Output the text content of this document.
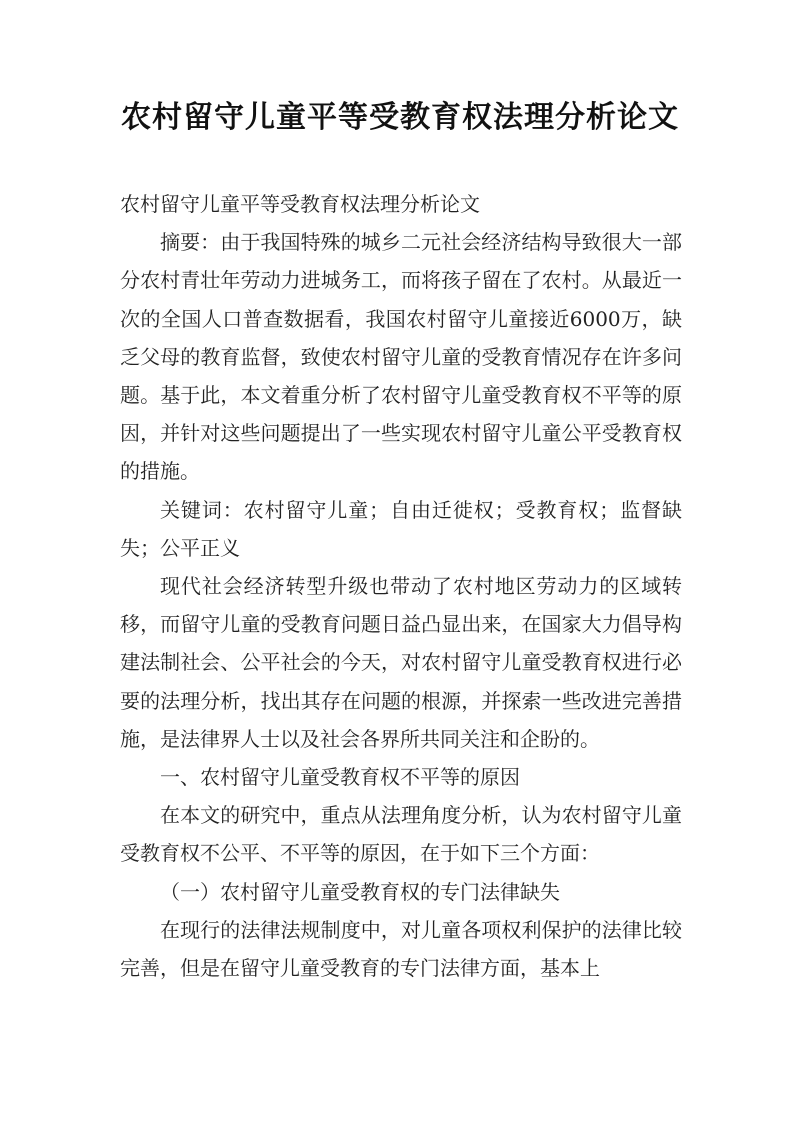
农村留守儿童平等受教育权法理分析论文

农村留守儿童平等受教育权法理分析论文

摘要：由于我国特殊的城乡二元社会经济结构导致很大一部分农村青壮年劳动力进城务工，而将孩子留在了农村。从最近一次的全国人口普查数据看，我国农村留守儿童接近6000万，缺乏父母的教育监督，致使农村留守儿童的受教育情况存在许多问题。基于此，本文着重分析了农村留守儿童受教育权不平等的原因，并针对这些问题提出了一些实现农村留守儿童公平受教育权的措施。

关键词：农村留守儿童；自由迁徙权；受教育权；监督缺失；公平正义

现代社会经济转型升级也带动了农村地区劳动力的区域转移，而留守儿童的受教育问题日益凸显出来，在国家大力倡导构建法制社会、公平社会的今天，对农村留守儿童受教育权进行必要的法理分析，找出其存在问题的根源，并探索一些改进完善措施，是法律界人士以及社会各界所共同关注和企盼的。

一、农村留守儿童受教育权不平等的原因

在本文的研究中，重点从法理角度分析，认为农村留守儿童受教育权不公平、不平等的原因，在于如下三个方面：

（一）农村留守儿童受教育权的专门法律缺失

在现行的法律法规制度中，对儿童各项权利保护的法律比较完善，但是在留守儿童受教育的专门法律方面，基本上
